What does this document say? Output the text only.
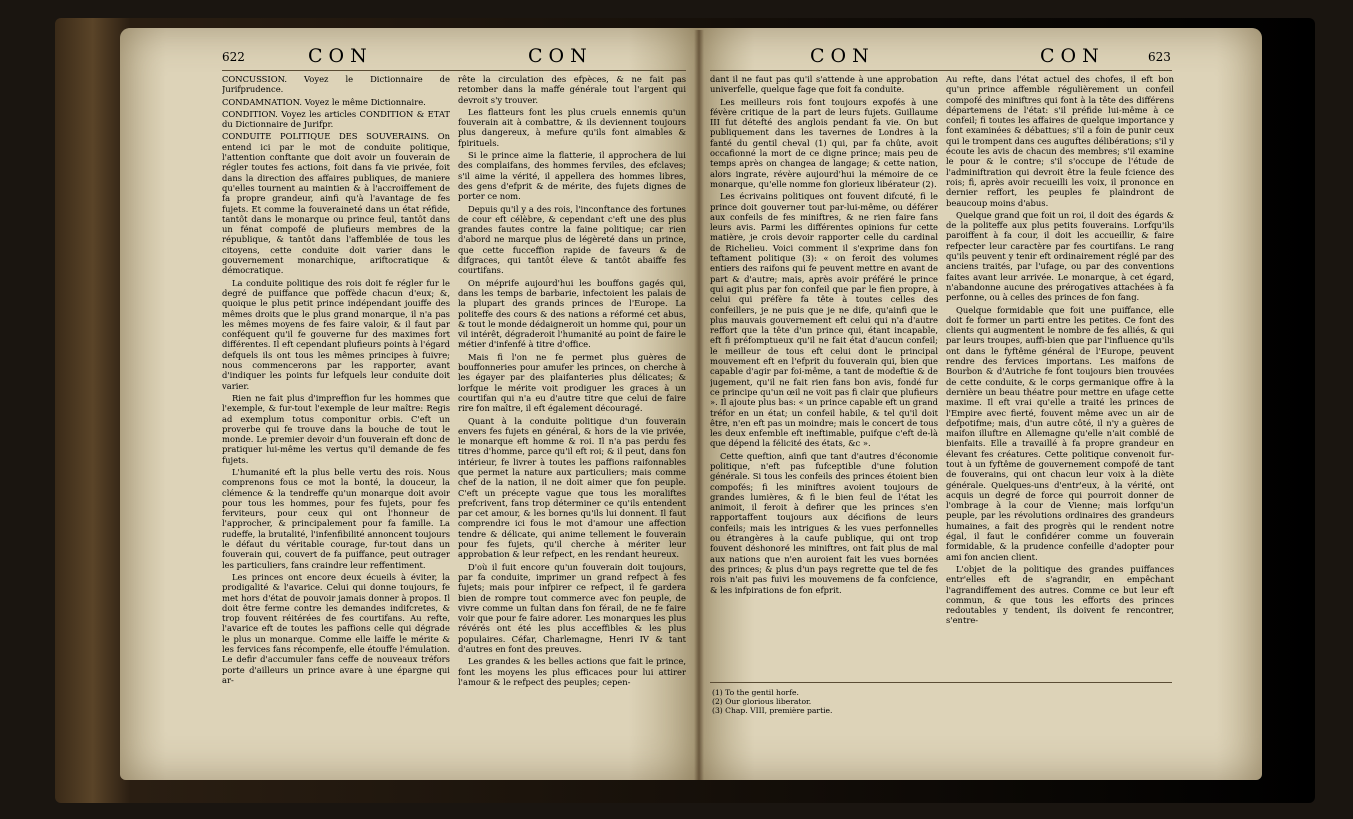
622	CON	CON

CONCUSSION. Voyez le Dictionnaire de Jurifprudence.

CONDAMNATION. Voyez le même Dictionnaire.

CONDITION. Voyez les articles CONDITION & ETAT du Dictionnaire de Jurifpr.

CONDUITE POLITIQUE DES SOUVERAINS. On entend ici par le mot de conduite politique, l'attention conftante que doit avoir un fouverain de régler toutes fes actions, foit dans fa vie privée, foit dans la direction des affaires publiques, de maniere qu'elles tournent au maintien & à l'accroiffement de fa propre grandeur, ainfi qu'à l'avantage de fes fujets. Et comme la fouveraineté dans un état réfide, tantôt dans le monarque ou prince feul, tantôt dans un fénat compofé de plufieurs membres de la république, & tantôt dans l'affemblée de tous les citoyens, cette conduite doit varier dans le gouvernement monarchique, ariftocratique & démocratique.

La conduite politique des rois doit fe régler fur le degré de puiffance que poffède chacun d'eux; &, quoique le plus petit prince indépendant jouiffe des mêmes droits que le plus grand monarque, il n'a pas les mêmes moyens de fes faire valoir, & il faut par conféquent qu'il fe gouverne fur des maximes fort différentes. Il eft cependant plufieurs points à l'égard defquels ils ont tous les mêmes principes à fuivre; nous commencerons par les rapporter, avant d'indiquer les points fur lefquels leur conduite doit varier.

Rien ne fait plus d'impreffion fur les hommes que l'exemple, & fur-tout l'exemple de leur maître: Regis ad exemplum totus componitur orbis. C'eft un proverbe qui fe trouve dans la bouche de tout le monde. Le premier devoir d'un fouverain eft donc de pratiquer lui-même les vertus qu'il demande de fes fujets.

L'humanité eft la plus belle vertu des rois. Nous comprenons fous ce mot la bonté, la douceur, la clémence & la tendreffe qu'un monarque doit avoir pour tous les hommes, pour fes fujets, pour fes ferviteurs, pour ceux qui ont l'honneur de l'approcher, & principalement pour fa famille. La rudeffe, la brutalité, l'infenfibilité annoncent toujours le défaut du véritable courage, fur-tout dans un fouverain qui, couvert de fa puiffance, peut outrager les particuliers, fans craindre leur reffentiment.

Les princes ont encore deux écueils à éviter, la prodigalité & l'avarice. Celui qui donne toujours, fe met hors d'état de pouvoir jamais donner à propos. Il doit être ferme contre les demandes indifcretes, & trop fouvent réitérées de fes courtifans. Au refte, l'avarice eft de toutes les paffions celle qui dégrade le plus un monarque. Comme elle laiffe le mérite & les fervices fans récompenfe, elle étouffe l'émulation. Le defir d'accumuler fans ceffe de nouveaux tréfors porte d'ailleurs un prince avare à une épargne qui ar-

rête la circulation des efpèces, & ne fait pas retomber dans la maffe générale tout l'argent qui devroit s'y trouver.

Les flatteurs font les plus cruels ennemis qu'un fouverain ait à combattre, & ils deviennent toujours plus dangereux, à mefure qu'ils font aimables & fpirituels.

Si le prince aime la flatterie, il approchera de lui des complaifans, des hommes ferviles, des efclaves; s'il aime la vérité, il appellera des hommes libres, des gens d'efprit & de mérite, des fujets dignes de porter ce nom.

Depuis qu'il y a des rois, l'inconftance des fortunes de cour eft célèbre, & cependant c'eft une des plus grandes fautes contre la faine politique; car rien d'abord ne marque plus de légèreté dans un prince, que cette fucceffion rapide de faveurs & de difgraces, qui tantôt éleve & tantôt abaiffe fes courtifans.

On méprife aujourd'hui les bouffons gagés qui, dans les temps de barbarie, infectoient les palais de la plupart des grands princes de l'Europe. La politeffe des cours & des nations a réformé cet abus, & tout le monde dédaigneroit un homme qui, pour un vil intérêt, dégraderoit l'humanité au point de faire le métier d'infenfé à titre d'office.

Mais fi l'on ne fe permet plus guères de bouffonneries pour amufer les princes, on cherche à les égayer par des plaifanteries plus délicates; & lorfque le mérite voit prodiguer les graces à un courtifan qui n'a eu d'autre titre que celui de faire rire fon maître, il eft également découragé.

Quant à la conduite politique d'un fouverain envers fes fujets en général, & hors de la vie privée, le monarque eft homme & roi. Il n'a pas perdu fes titres d'homme, parce qu'il eft roi; & il peut, dans fon intérieur, fe livrer à toutes les paffions raifonnables que permet la nature aux particuliers; mais comme chef de la nation, il ne doit aimer que fon peuple. C'eft un précepte vague que tous les moraliftes prefcrivent, fans trop déterminer ce qu'ils entendent par cet amour, & les bornes qu'ils lui donnent. Il faut comprendre ici fous le mot d'amour une affection tendre & délicate, qui anime tellement le fouverain pour fes fujets, qu'il cherche à mériter leur approbation & leur refpect, en les rendant heureux.

D'où il fuit encore qu'un fouverain doit toujours, par fa conduite, imprimer un grand refpect à fes fujets; mais pour infpirer ce refpect, il fe gardera bien de rompre tout commerce avec fon peuple, de vivre comme un fultan dans fon férail, de ne fe faire voir que pour fe faire adorer. Les monarques les plus révérés ont été les plus acceffibles & les plus populaires. Céfar, Charlemagne, Henri IV & tant d'autres en font des preuves.

Les grandes & les belles actions que fait le prince, font les moyens les plus efficaces pour lui attirer l'amour & le refpect des peuples; cepen-

CON	CON	623

dant il ne faut pas qu'il s'attende à une approbation univerfelle, quelque fage que foit fa conduite.

Les meilleurs rois font toujours expofés à une févère critique de la part de leurs fujets. Guillaume III fut détefté des anglois pendant fa vie. On but publiquement dans les tavernes de Londres à la fanté du gentil cheval (1) qui, par fa chûte, avoit occafionné la mort de ce digne prince; mais peu de temps après on changea de langage; & cette nation, alors ingrate, révère aujourd'hui la mémoire de ce monarque, qu'elle nomme fon glorieux libérateur (2).

Les écrivains politiques ont fouvent difcuté, fi le prince doit gouverner tout par-lui-même, ou déférer aux confeils de fes miniftres, & ne rien faire fans leurs avis. Parmi les différentes opinions fur cette matière, je crois devoir rapporter celle du cardinal de Richelieu. Voici comment il s'exprime dans fon teftament politique (3): « on feroit des volumes entiers des raifons qui fe peuvent mettre en avant de part & d'autre; mais, après avoir préféré le prince qui agit plus par fon confeil que par le fien propre, à celui qui préfère fa tête à toutes celles des confeillers, je ne puis que je ne dife, qu'ainfi que le plus mauvais gouvernement eft celui qui n'a d'autre reffort que la tête d'un prince qui, étant incapable, eft fi préfomptueux qu'il ne fait état d'aucun confeil; le meilleur de tous eft celui dont le principal mouvement eft en l'efprit du fouverain qui, bien que capable d'agir par foi-même, a tant de modeftie & de jugement, qu'il ne fait rien fans bon avis, fondé fur ce principe qu'un œil ne voit pas fi clair que plufieurs ». Il ajoute plus bas: « un prince capable eft un grand tréfor en un état; un confeil habile, & tel qu'il doit être, n'en eft pas un moindre; mais le concert de tous les deux enfemble eft ineftimable, puifque c'eft de-là que dépend la félicité des états, &c ».

Cette queftion, ainfi que tant d'autres d'économie politique, n'eft pas fufceptible d'une folution générale. Si tous les confeils des princes étoient bien compofés; fi les miniftres avoient toujours de grandes lumières, & fi le bien feul de l'état les animoit, il feroit à defirer que les princes s'en rapportaffent toujours aux décifions de leurs confeils; mais les intrigues & les vues perfonnelles ou étrangères à la caufe publique, qui ont trop fouvent déshonoré les miniftres, ont fait plus de mal aux nations que n'en auroient fait les vues bornées des princes; & plus d'un pays regrette que tel de fes rois n'ait pas fuivi les mouvemens de fa confcience, & les infpirations de fon efprit.

Au refte, dans l'état actuel des chofes, il eft bon qu'un prince affemble régulièrement un confeil compofé des miniftres qui font à la tête des différens départemens de l'état: s'il préfide lui-même à ce confeil; fi toutes les affaires de quelque importance y font examinées & débattues; s'il a foin de punir ceux qui le trompent dans ces auguftes délibérations; s'il y écoute les avis de chacun des membres; s'il examine le pour & le contre; s'il s'occupe de l'étude de l'adminiftration qui devroit être la feule fcience des rois; fi, après avoir recueilli les voix, il prononce en dernier reffort, les peuples fe plaindront de beaucoup moins d'abus.

Quelque grand que foit un roi, il doit des égards & de la politeffe aux plus petits fouverains. Lorfqu'ils paroiffent à fa cour, il doit les accueillir, & faire refpecter leur caractère par fes courtifans. Le rang qu'ils peuvent y tenir eft ordinairement réglé par des anciens traités, par l'ufage, ou par des conventions faites avant leur arrivée. Le monarque, à cet égard, n'abandonne aucune des prérogatives attachées à fa perfonne, ou à celles des princes de fon fang.

Quelque formidable que foit une puiffance, elle doit fe former un parti entre les petites. Ce font des clients qui augmentent le nombre de fes alliés, & qui par leurs troupes, auffi-bien que par l'influence qu'ils ont dans le fyftême général de l'Europe, peuvent rendre des fervices importans. Les maifons de Bourbon & d'Autriche fe font toujours bien trouvées de cette conduite, & le corps germanique offre à la dernière un beau théatre pour mettre en ufage cette maxime. Il eft vrai qu'elle a traité les princes de l'Empire avec fierté, fouvent même avec un air de defpotifme; mais, d'un autre côté, il n'y a guères de maifon illuftre en Allemagne qu'elle n'ait comblé de bienfaits. Elle a travaillé à fa propre grandeur en élevant fes créatures. Cette politique convenoit fur-tout à un fyftême de gouvernement compofé de tant de fouverains, qui ont chacun leur voix à la diète générale. Quelques-uns d'entr'eux, à la vérité, ont acquis un degré de force qui pourroit donner de l'ombrage à la cour de Vienne; mais lorfqu'un peuple, par les révolutions ordinaires des grandeurs humaines, a fait des progrès qui le rendent notre égal, il faut le confidérer comme un fouverain formidable, & la prudence confeille d'adopter pour ami fon ancien client.

L'objet de la politique des grandes puiffances entr'elles eft de s'agrandir, en empêchant l'agrandiffement des autres. Comme ce but leur eft commun, & que tous les efforts des princes redoutables y tendent, ils doivent fe rencontrer, s'entre-

(1) To the gentil horfe.
(2) Our glorious liberator.
(3) Chap. VIII, première partie.
